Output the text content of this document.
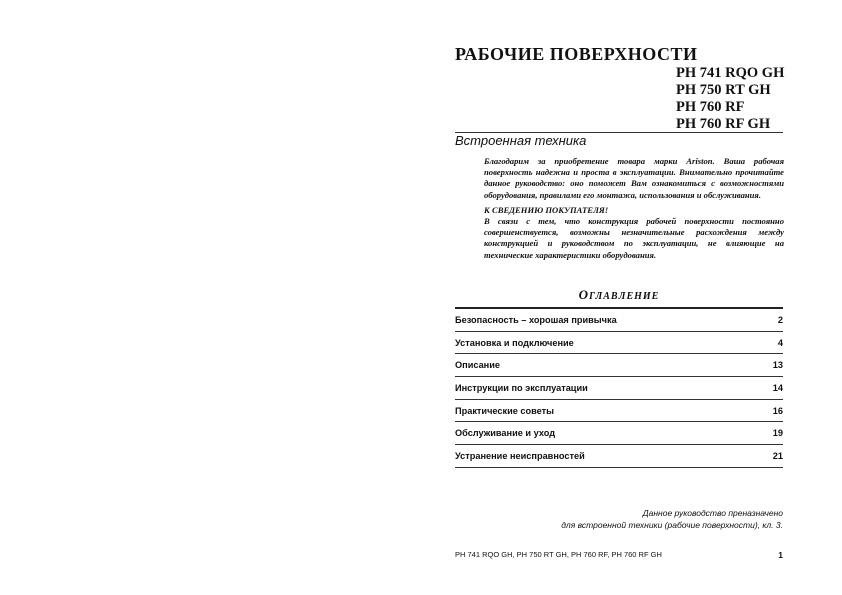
РАБОЧИЕ ПОВЕРХНОСТИ
PH 741 RQO GH
PH 750 RT GH
PH 760 RF
PH 760 RF GH
Встроенная техника

Благодарим за приобретение товара марки Ariston. Ваша рабочая поверхность надежна и проста в эксплуатации. Внимательно прочитайте данное руководство: оно поможет Вам ознакомиться с возможностями оборудования, правилами его монтажа, использования и обслуживания.

К СВЕДЕНИЮ ПОКУПАТЕЛЯ!

В связи с тем, что конструкция рабочей поверхности постоянно совершенствуется, возможны незначительные расхождения между конструкцией и руководством по эксплуатации, не влияющие на технические характеристики оборудования.

ОГЛАВЛЕНИЕ
Безопасность – хорошая привычка	2
Установка и подключение	4
Описание	13
Инструкции по эксплуатации	14
Практические советы	16
Обслуживание и уход	19
Устранение неисправностей	21
Данное руководство преназначено
для встроенной техники (рабочие поверхности), кл. 3.
PH 741 RQO GH, PH 750 RT GH, PH 760 RF, PH 760 RF GH	1
